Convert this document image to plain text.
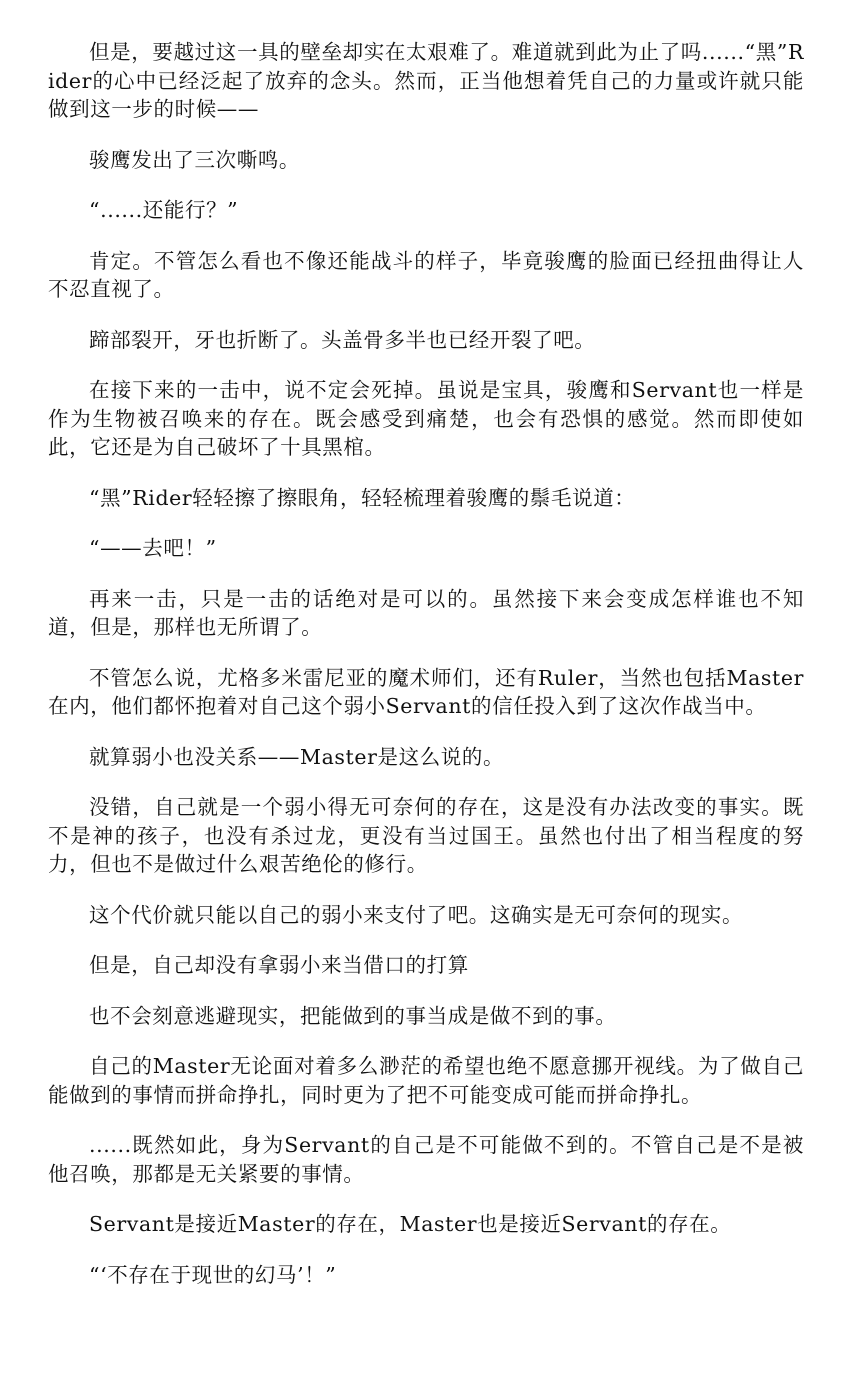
但是，要越过这一具的壁垒却实在太艰难了。难道就到此为止了吗......“黑”Rider的心中已经泛起了放弃的念头。然而，正当他想着凭自己的力量或许就只能做到这一步的时候——

骏鹰发出了三次嘶鸣。

“......还能行？”

肯定。不管怎么看也不像还能战斗的样子，毕竟骏鹰的脸面已经扭曲得让人不忍直视了。

蹄部裂开，牙也折断了。头盖骨多半也已经开裂了吧。

在接下来的一击中，说不定会死掉。虽说是宝具，骏鹰和Servant也一样是作为生物被召唤来的存在。既会感受到痛楚，也会有恐惧的感觉。然而即使如此，它还是为自己破坏了十具黑棺。

“黑”Rider轻轻擦了擦眼角，轻轻梳理着骏鹰的鬃毛说道：

“——去吧！”

再来一击，只是一击的话绝对是可以的。虽然接下来会变成怎样谁也不知道，但是，那样也无所谓了。

不管怎么说，尤格多米雷尼亚的魔术师们，还有Ruler，当然也包括Master在内，他们都怀抱着对自己这个弱小Servant的信任投入到了这次作战当中。

就算弱小也没关系——Master是这么说的。

没错，自己就是一个弱小得无可奈何的存在，这是没有办法改变的事实。既不是神的孩子，也没有杀过龙，更没有当过国王。虽然也付出了相当程度的努力，但也不是做过什么艰苦绝伦的修行。

这个代价就只能以自己的弱小来支付了吧。这确实是无可奈何的现实。

但是，自己却没有拿弱小来当借口的打算

也不会刻意逃避现实，把能做到的事当成是做不到的事。

自己的Master无论面对着多么渺茫的希望也绝不愿意挪开视线。为了做自己能做到的事情而拼命挣扎，同时更为了把不可能变成可能而拼命挣扎。

......既然如此，身为Servant的自己是不可能做不到的。不管自己是不是被他召唤，那都是无关紧要的事情。

Servant是接近Master的存在，Master也是接近Servant的存在。

“‘不存在于现世的幻马’！”
